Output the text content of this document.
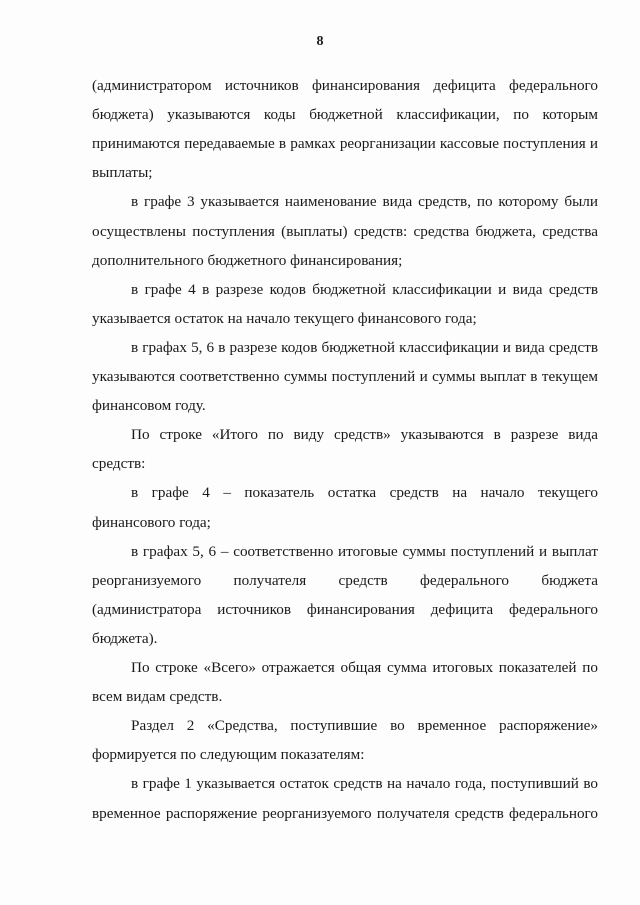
8
(администратором источников финансирования дефицита федерального
бюджета) указываются коды бюджетной классификации, по которым
принимаются передаваемые в рамках реорганизации кассовые поступления и
выплаты;
в графе 3 указывается наименование вида средств, по которому были
осуществлены поступления (выплаты) средств: средства бюджета, средства
дополнительного бюджетного финансирования;
в графе 4 в разрезе кодов бюджетной классификации и вида средств
указывается остаток на начало текущего финансового года;
в графах 5, 6 в разрезе кодов бюджетной классификации и вида средств
указываются соответственно суммы поступлений и суммы выплат в текущем
финансовом году.
По строке «Итого по виду средств» указываются в разрезе вида
средств:
в графе 4 – показатель остатка средств на начало текущего
финансового года;
в графах 5, 6 – соответственно итоговые суммы поступлений и выплат
реорганизуемого получателя средств федерального бюджета
(администратора источников финансирования дефицита федерального
бюджета).
По строке «Всего» отражается общая сумма итоговых показателей по
всем видам средств.
Раздел 2 «Средства, поступившие во временное распоряжение»
формируется по следующим показателям:
в графе 1 указывается остаток средств на начало года, поступивший во
временное распоряжение реорганизуемого получателя средств федерального
